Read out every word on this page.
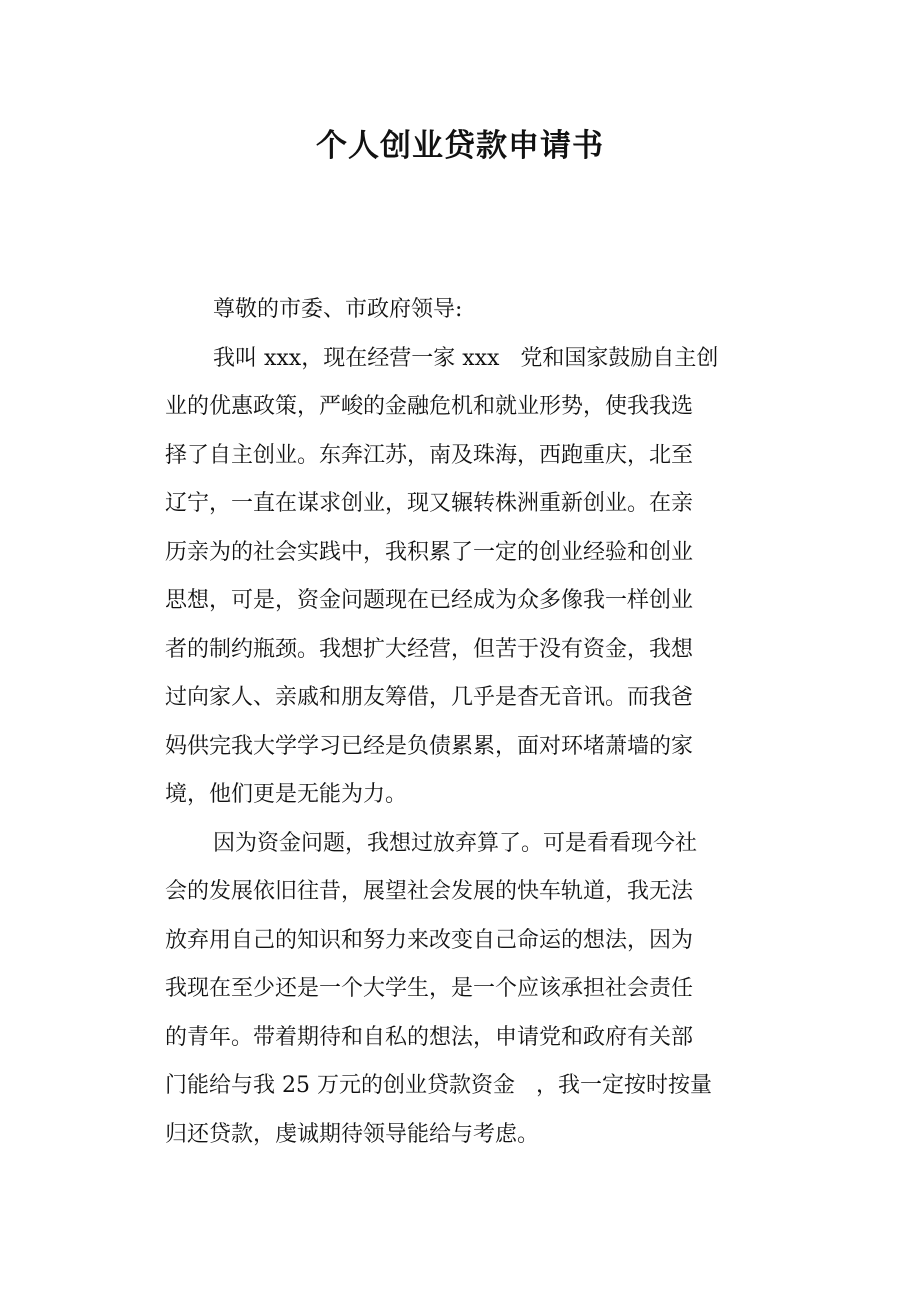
个人创业贷款申请书

尊敬的市委、市政府领导:

我叫 xxx，现在经营一家 xxx   党和国家鼓励自主创
业的优惠政策，严峻的金融危机和就业形势，使我我选
择了自主创业。东奔江苏，南及珠海，西跑重庆，北至
辽宁，一直在谋求创业，现又辗转株洲重新创业。在亲
历亲为的社会实践中，我积累了一定的创业经验和创业
思想，可是，资金问题现在已经成为众多像我一样创业
者的制约瓶颈。我想扩大经营，但苦于没有资金，我想
过向家人、亲戚和朋友筹借，几乎是杳无音讯。而我爸
妈供完我大学学习已经是负债累累，面对环堵萧墙的家
境，他们更是无能为力。

因为资金问题，我想过放弃算了。可是看看现今社
会的发展依旧往昔，展望社会发展的快车轨道，我无法
放弃用自己的知识和努力来改变自己命运的想法，因为
我现在至少还是一个大学生，是一个应该承担社会责任
的青年。带着期待和自私的想法，申请党和政府有关部
门能给与我 25 万元的创业贷款资金   ，我一定按时按量
归还贷款，虔诚期待领导能给与考虑。
